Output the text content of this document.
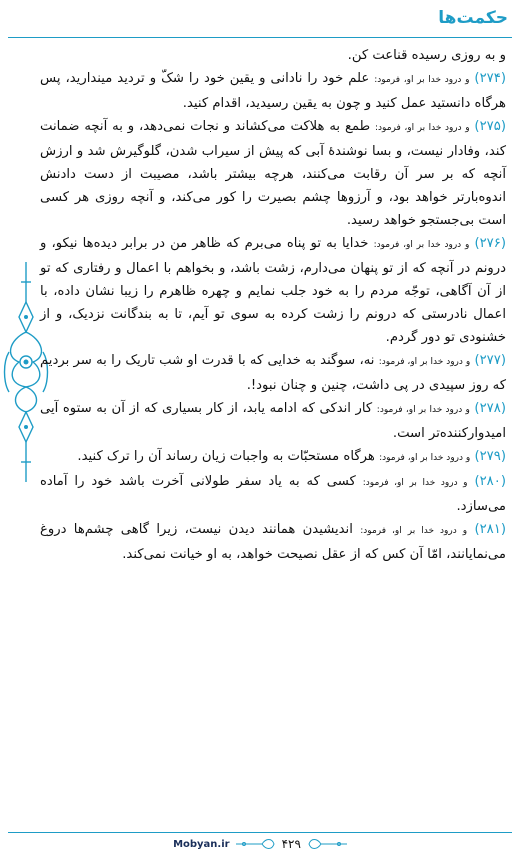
حکمت‌ها

و به روزی رسیده قناعت کن.

(۲۷۴) و درود خدا بر او، فرمود: علم خود را نادانی و یقین خود را شکّ و تردید میندارید، پس هرگاه دانستید عمل کنید و چون به یقین رسیدید، اقدام کنید.

(۲۷۵) و درود خدا بر او، فرمود: طمع به هلاکت می‌کشاند و نجات نمی‌دهد، و به آنچه ضمانت کند، وفادار نیست، و بسا نوشندهٔ آبی که پیش از سیراب شدن، گلوگیرش شد و ارزش آنچه که بر سر آن رقابت می‌کنند، هرچه بیشتر باشد، مصیبت از دست دادنش اندوه‌بارتر خواهد بود، و آرزوها چشم بصیرت را کور می‌کند، و آنچه روزی هر کسی است بی‌جستجو خواهد رسید.

(۲۷۶) و درود خدا بر او، فرمود: خدایا به تو پناه می‌برم که ظاهر من در برابر دیده‌ها نیکو، و درونم در آنچه که از تو پنهان می‌دارم، زشت باشد، و بخواهم با اعمال و رفتاری که تو از آن آگاهی، توجّه مردم را به خود جلب نمایم و چهره ظاهرم را زیبا نشان داده، با اعمال نادرستی که درونم را زشت کرده به سوی تو آیم، تا به بندگانت نزدیک، و از خشنودی تو دور گردم.

(۲۷۷) و درود خدا بر او، فرمود: نه، سوگند به خدایی که با قدرت او شب تاریک را به سر بردیم که روز سپیدی در پی داشت، چنین و چنان نبود!.

(۲۷۸) و درود خدا بر او، فرمود: کار اندکی که ادامه یابد، از کار بسیاری که از آن به ستوه آیی امیدوارکننده‌تر است.

(۲۷۹) و درود خدا بر او، فرمود: هرگاه مستحبّات به واجبات زیان رساند آن را ترک کنید.

(۲۸۰) و درود خدا بر او، فرمود: کسی که به یاد سفر طولانی آخرت باشد خود را آماده می‌سازد.

(۲۸۱) و درود خدا بر او، فرمود: اندیشیدن همانند دیدن نیست، زیرا گاهی چشم‌ها دروغ می‌نمایانند، امّا آن کس که از عقل نصیحت خواهد، به او خیانت نمی‌کند.

Mobyan.ir	۴۲۹
